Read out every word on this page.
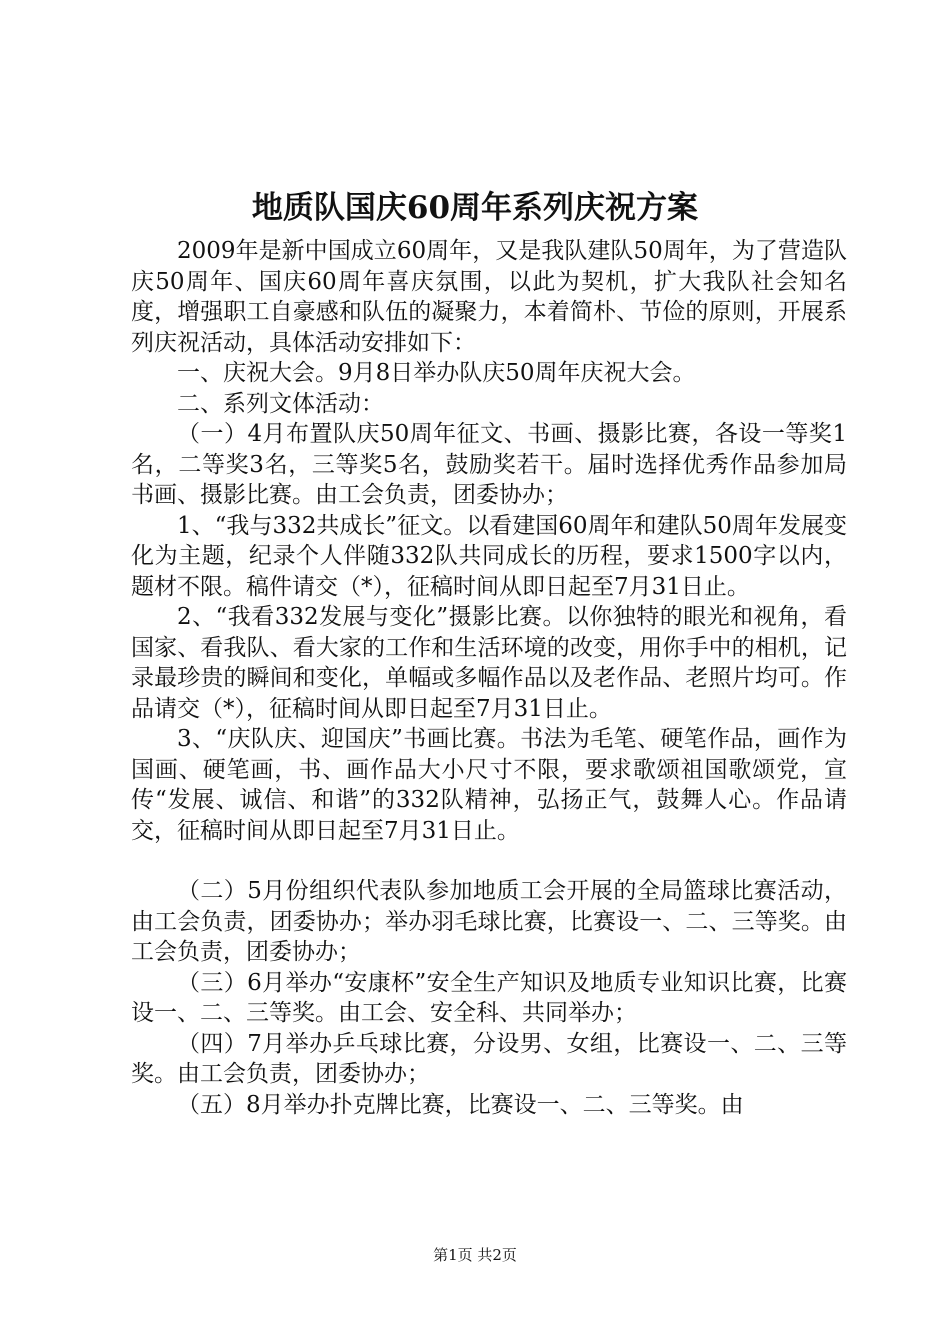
地质队国庆60周年系列庆祝方案

2009年是新中国成立60周年，又是我队建队50周年，为了营造队庆50周年、国庆60周年喜庆氛围，以此为契机，扩大我队社会知名度，增强职工自豪感和队伍的凝聚力，本着简朴、节俭的原则，开展系列庆祝活动，具体活动安排如下：

一、庆祝大会。9月8日举办队庆50周年庆祝大会。

二、系列文体活动：

（一）4月布置队庆50周年征文、书画、摄影比赛，各设一等奖1名，二等奖3名，三等奖5名，鼓励奖若干。届时选择优秀作品参加局书画、摄影比赛。由工会负责，团委协办；

1、“我与332共成长”征文。以看建国60周年和建队50周年发展变化为主题，纪录个人伴随332队共同成长的历程，要求1500字以内，题材不限。稿件请交（*），征稿时间从即日起至7月31日止。

2、“我看332发展与变化”摄影比赛。以你独特的眼光和视角，看国家、看我队、看大家的工作和生活环境的改变，用你手中的相机，记录最珍贵的瞬间和变化，单幅或多幅作品以及老作品、老照片均可。作品请交（*），征稿时间从即日起至7月31日止。

3、“庆队庆、迎国庆”书画比赛。书法为毛笔、硬笔作品，画作为国画、硬笔画，书、画作品大小尺寸不限，要求歌颂祖国歌颂党，宣传“发展、诚信、和谐”的332队精神，弘扬正气，鼓舞人心。作品请交，征稿时间从即日起至7月31日止。

（二）5月份组织代表队参加地质工会开展的全局篮球比赛活动，由工会负责，团委协办；举办羽毛球比赛，比赛设一、二、三等奖。由工会负责，团委协办；

（三）6月举办“安康杯”安全生产知识及地质专业知识比赛，比赛设一、二、三等奖。由工会、安全科、共同举办；

（四）7月举办乒乓球比赛，分设男、女组，比赛设一、二、三等奖。由工会负责，团委协办；

（五）8月举办扑克牌比赛，比赛设一、二、三等奖。由

第1页 共2页
